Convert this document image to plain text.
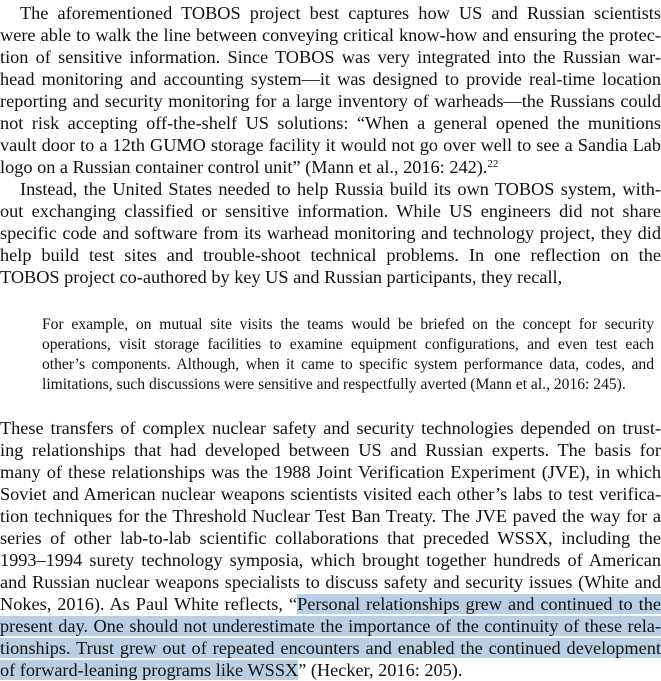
The aforementioned TOBOS project best captures how US and Russian scientists
were able to walk the line between conveying critical know-how and ensuring the protec-
tion of sensitive information. Since TOBOS was very integrated into the Russian war-
head monitoring and accounting system—it was designed to provide real-time location
reporting and security monitoring for a large inventory of warheads—the Russians could
not risk accepting off-the-shelf US solutions: “When a general opened the munitions
vault door to a 12th GUMO storage facility it would not go over well to see a Sandia Lab
logo on a Russian container control unit” (Mann et al., 2016: 242).$^{22}$
Instead, the United States needed to help Russia build its own TOBOS system, with-
out exchanging classified or sensitive information. While US engineers did not share
specific code and software from its warhead monitoring and technology project, they did
help build test sites and trouble-shoot technical problems. In one reflection on the
TOBOS project co-authored by key US and Russian participants, they recall,
For example, on mutual site visits the teams would be briefed on the concept for security
operations, visit storage facilities to examine equipment configurations, and even test each
other’s components. Although, when it came to specific system performance data, codes, and
limitations, such discussions were sensitive and respectfully averted (Mann et al., 2016: 245).
These transfers of complex nuclear safety and security technologies depended on trust-
ing relationships that had developed between US and Russian experts. The basis for
many of these relationships was the 1988 Joint Verification Experiment (JVE), in which
Soviet and American nuclear weapons scientists visited each other’s labs to test verifica-
tion techniques for the Threshold Nuclear Test Ban Treaty. The JVE paved the way for a
series of other lab-to-lab scientific collaborations that preceded WSSX, including the
1993–1994 surety technology symposia, which brought together hundreds of American
and Russian nuclear weapons specialists to discuss safety and security issues (White and
Nokes, 2016). As Paul White reflects, “Personal relationships grew and continued to the
present day. One should not underestimate the importance of the continuity of these rela-
tionships. Trust grew out of repeated encounters and enabled the continued development
of forward-leaning programs like WSSX” (Hecker, 2016: 205).
